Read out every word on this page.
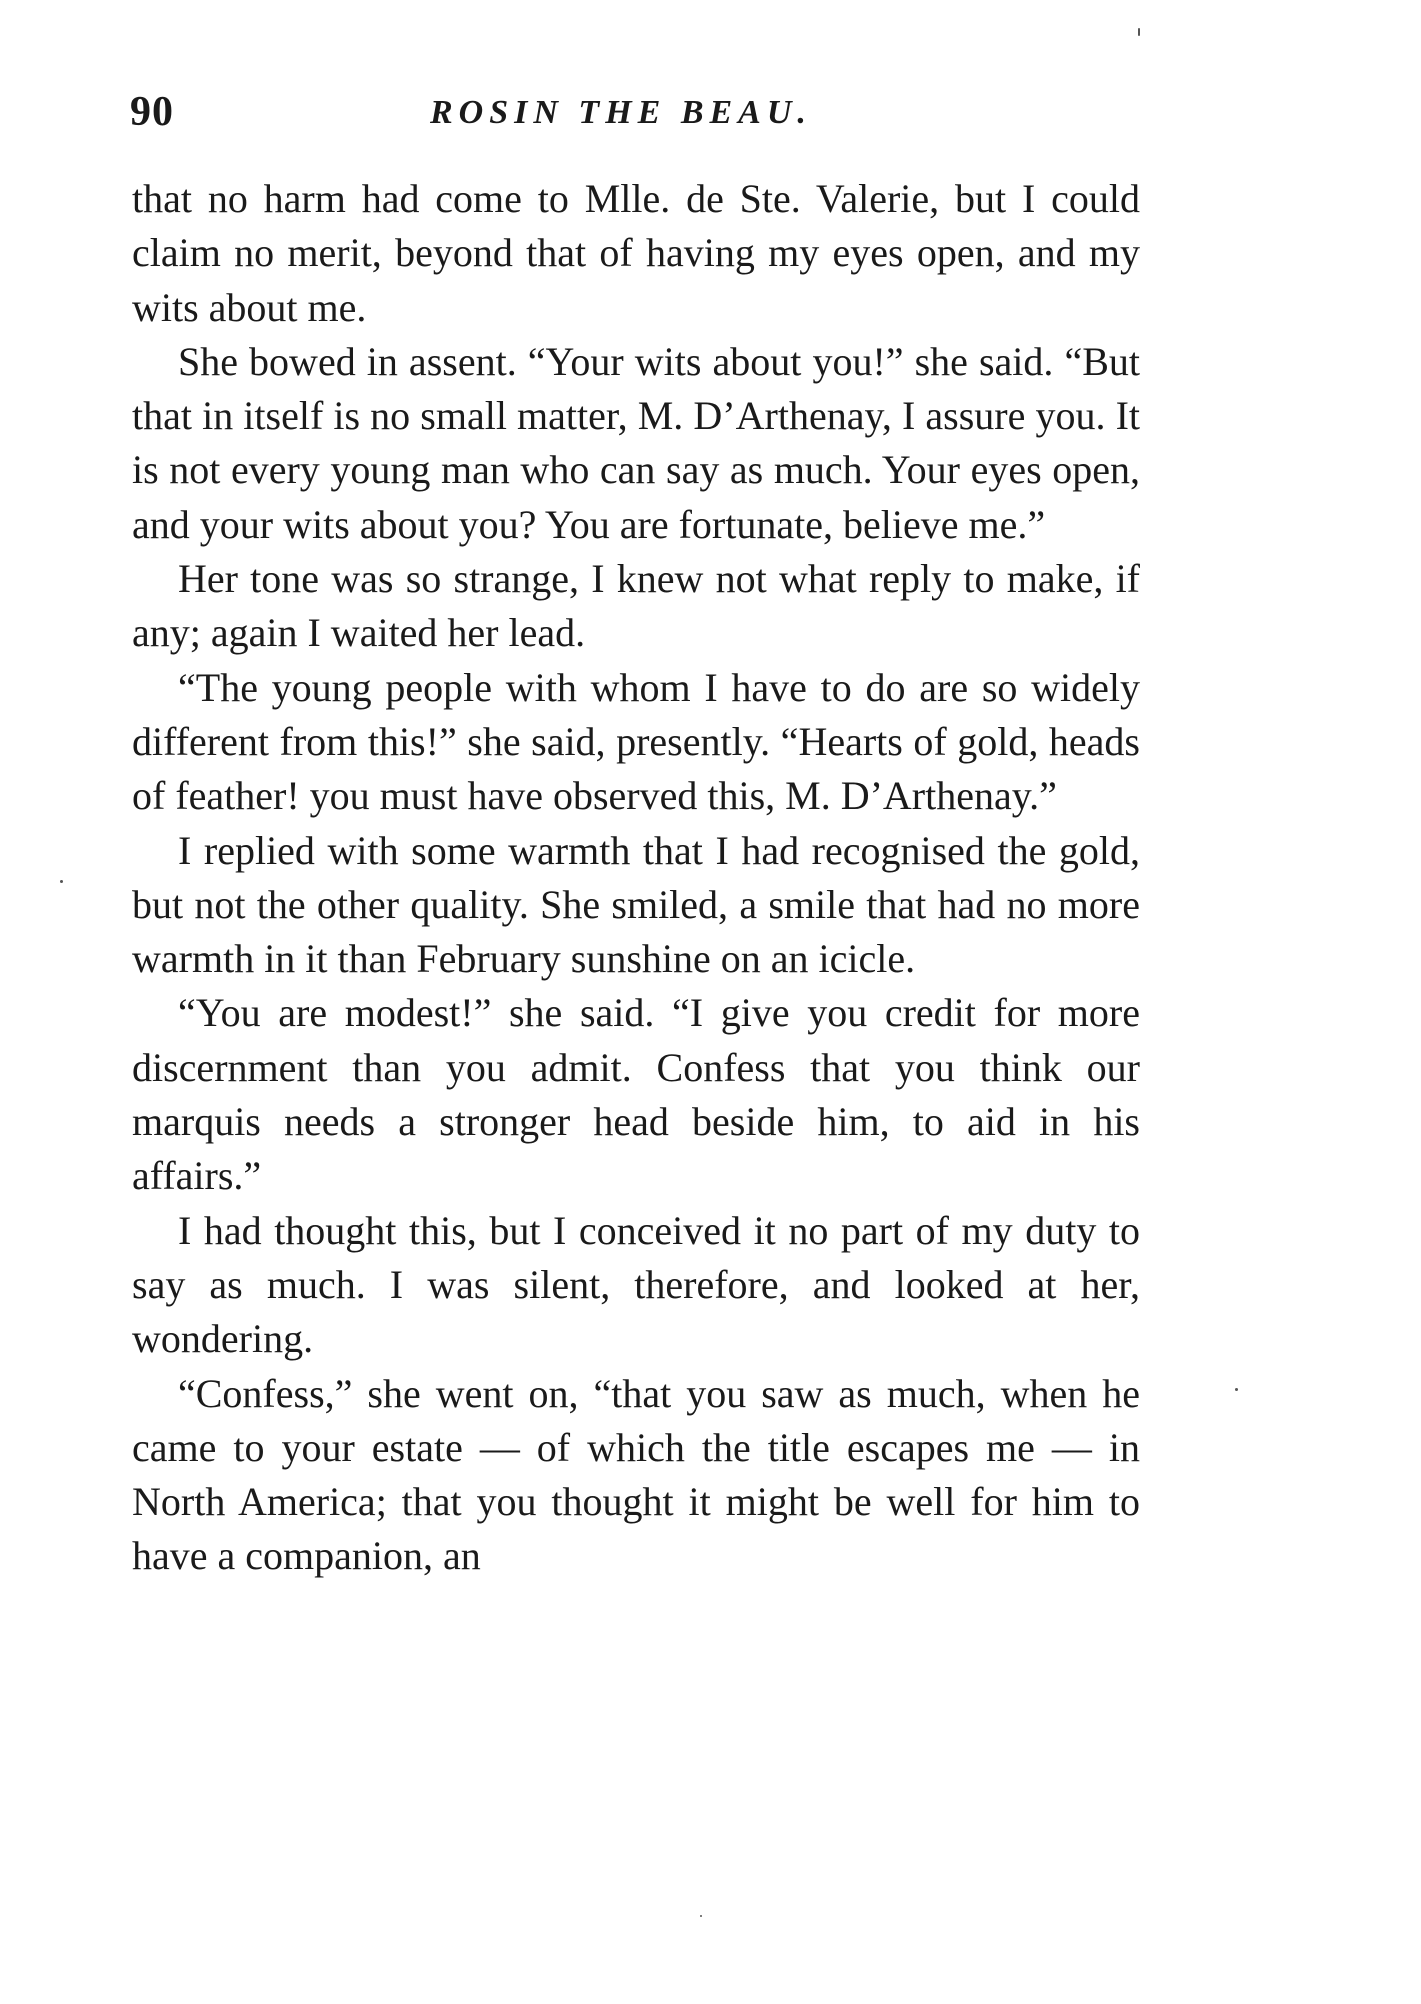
90	ROSIN THE BEAU.

that no harm had come to Mlle. de Ste. Valerie, but I could claim no merit, beyond that of having my eyes open, and my wits about me.

She bowed in assent. “Your wits about you!” she said. “But that in itself is no small matter, M. D’Arthenay, I assure you. It is not every young man who can say as much. Your eyes open, and your wits about you? You are fortunate, believe me.”

Her tone was so strange, I knew not what reply to make, if any; again I waited her lead.

“The young people with whom I have to do are so widely different from this!” she said, presently. “Hearts of gold, heads of feather! you must have observed this, M. D’Arthenay.”

I replied with some warmth that I had recognised the gold, but not the other quality. She smiled, a smile that had no more warmth in it than February sunshine on an icicle.

“You are modest!” she said. “I give you credit for more discernment than you admit. Confess that you think our marquis needs a stronger head beside him, to aid in his affairs.”

I had thought this, but I conceived it no part of my duty to say as much. I was silent, therefore, and looked at her, wondering.

“Confess,” she went on, “that you saw as much, when he came to your estate — of which the title escapes me — in North America; that you thought it might be well for him to have a companion, an
